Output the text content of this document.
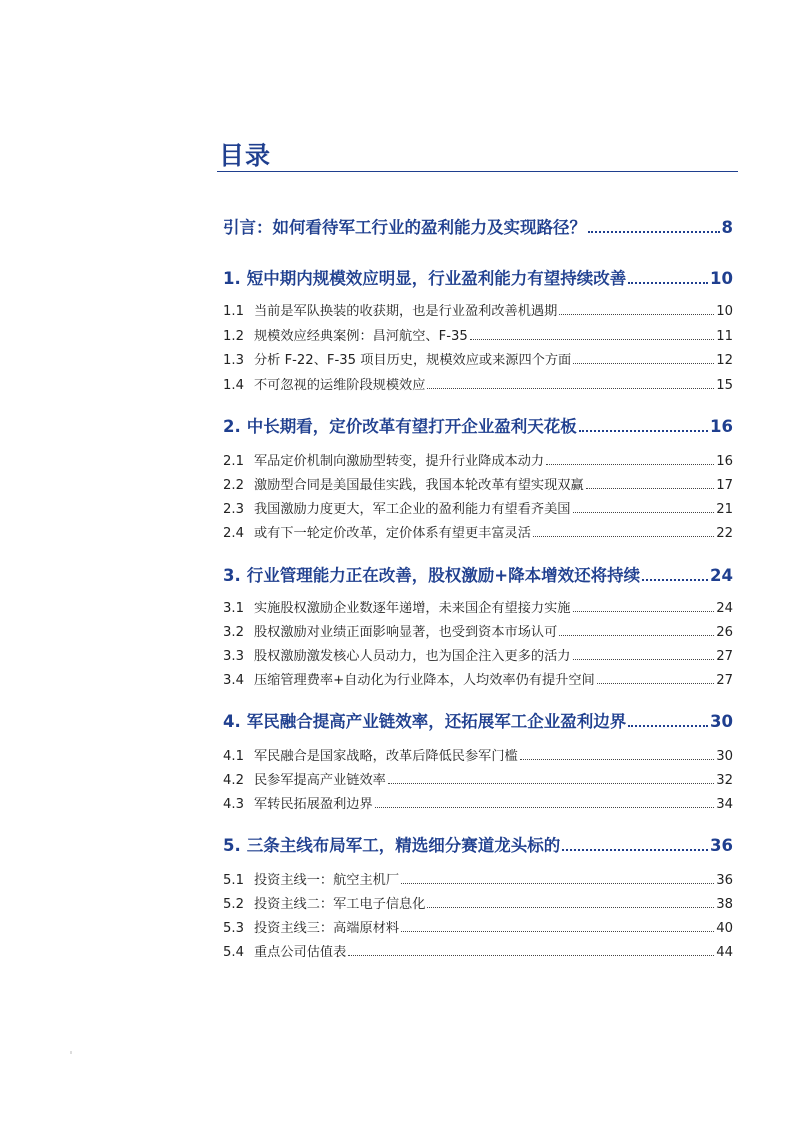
目录
引言：如何看待军工行业的盈利能力及实现路径？	8
1. 短中期内规模效应明显，行业盈利能力有望持续改善	10
1.1 当前是军队换装的收获期，也是行业盈利改善机遇期	10
1.2 规模效应经典案例：昌河航空、F-35	11
1.3 分析 F-22、F-35 项目历史，规模效应或来源四个方面	12
1.4 不可忽视的运维阶段规模效应	15
2. 中长期看，定价改革有望打开企业盈利天花板	16
2.1 军品定价机制向激励型转变，提升行业降成本动力	16
2.2 激励型合同是美国最佳实践，我国本轮改革有望实现双赢	17
2.3 我国激励力度更大，军工企业的盈利能力有望看齐美国	21
2.4 或有下一轮定价改革，定价体系有望更丰富灵活	22
3. 行业管理能力正在改善，股权激励+降本增效还将持续	24
3.1 实施股权激励企业数逐年递增，未来国企有望接力实施	24
3.2 股权激励对业绩正面影响显著，也受到资本市场认可	26
3.3 股权激励激发核心人员动力，也为国企注入更多的活力	27
3.4 压缩管理费率+自动化为行业降本，人均效率仍有提升空间	27
4. 军民融合提高产业链效率，还拓展军工企业盈利边界	30
4.1 军民融合是国家战略，改革后降低民参军门槛	30
4.2 民参军提高产业链效率	32
4.3 军转民拓展盈利边界	34
5. 三条主线布局军工，精选细分赛道龙头标的	36
5.1 投资主线一：航空主机厂	36
5.2 投资主线二：军工电子信息化	38
5.3 投资主线三：高端原材料	40
5.4 重点公司估值表	44
